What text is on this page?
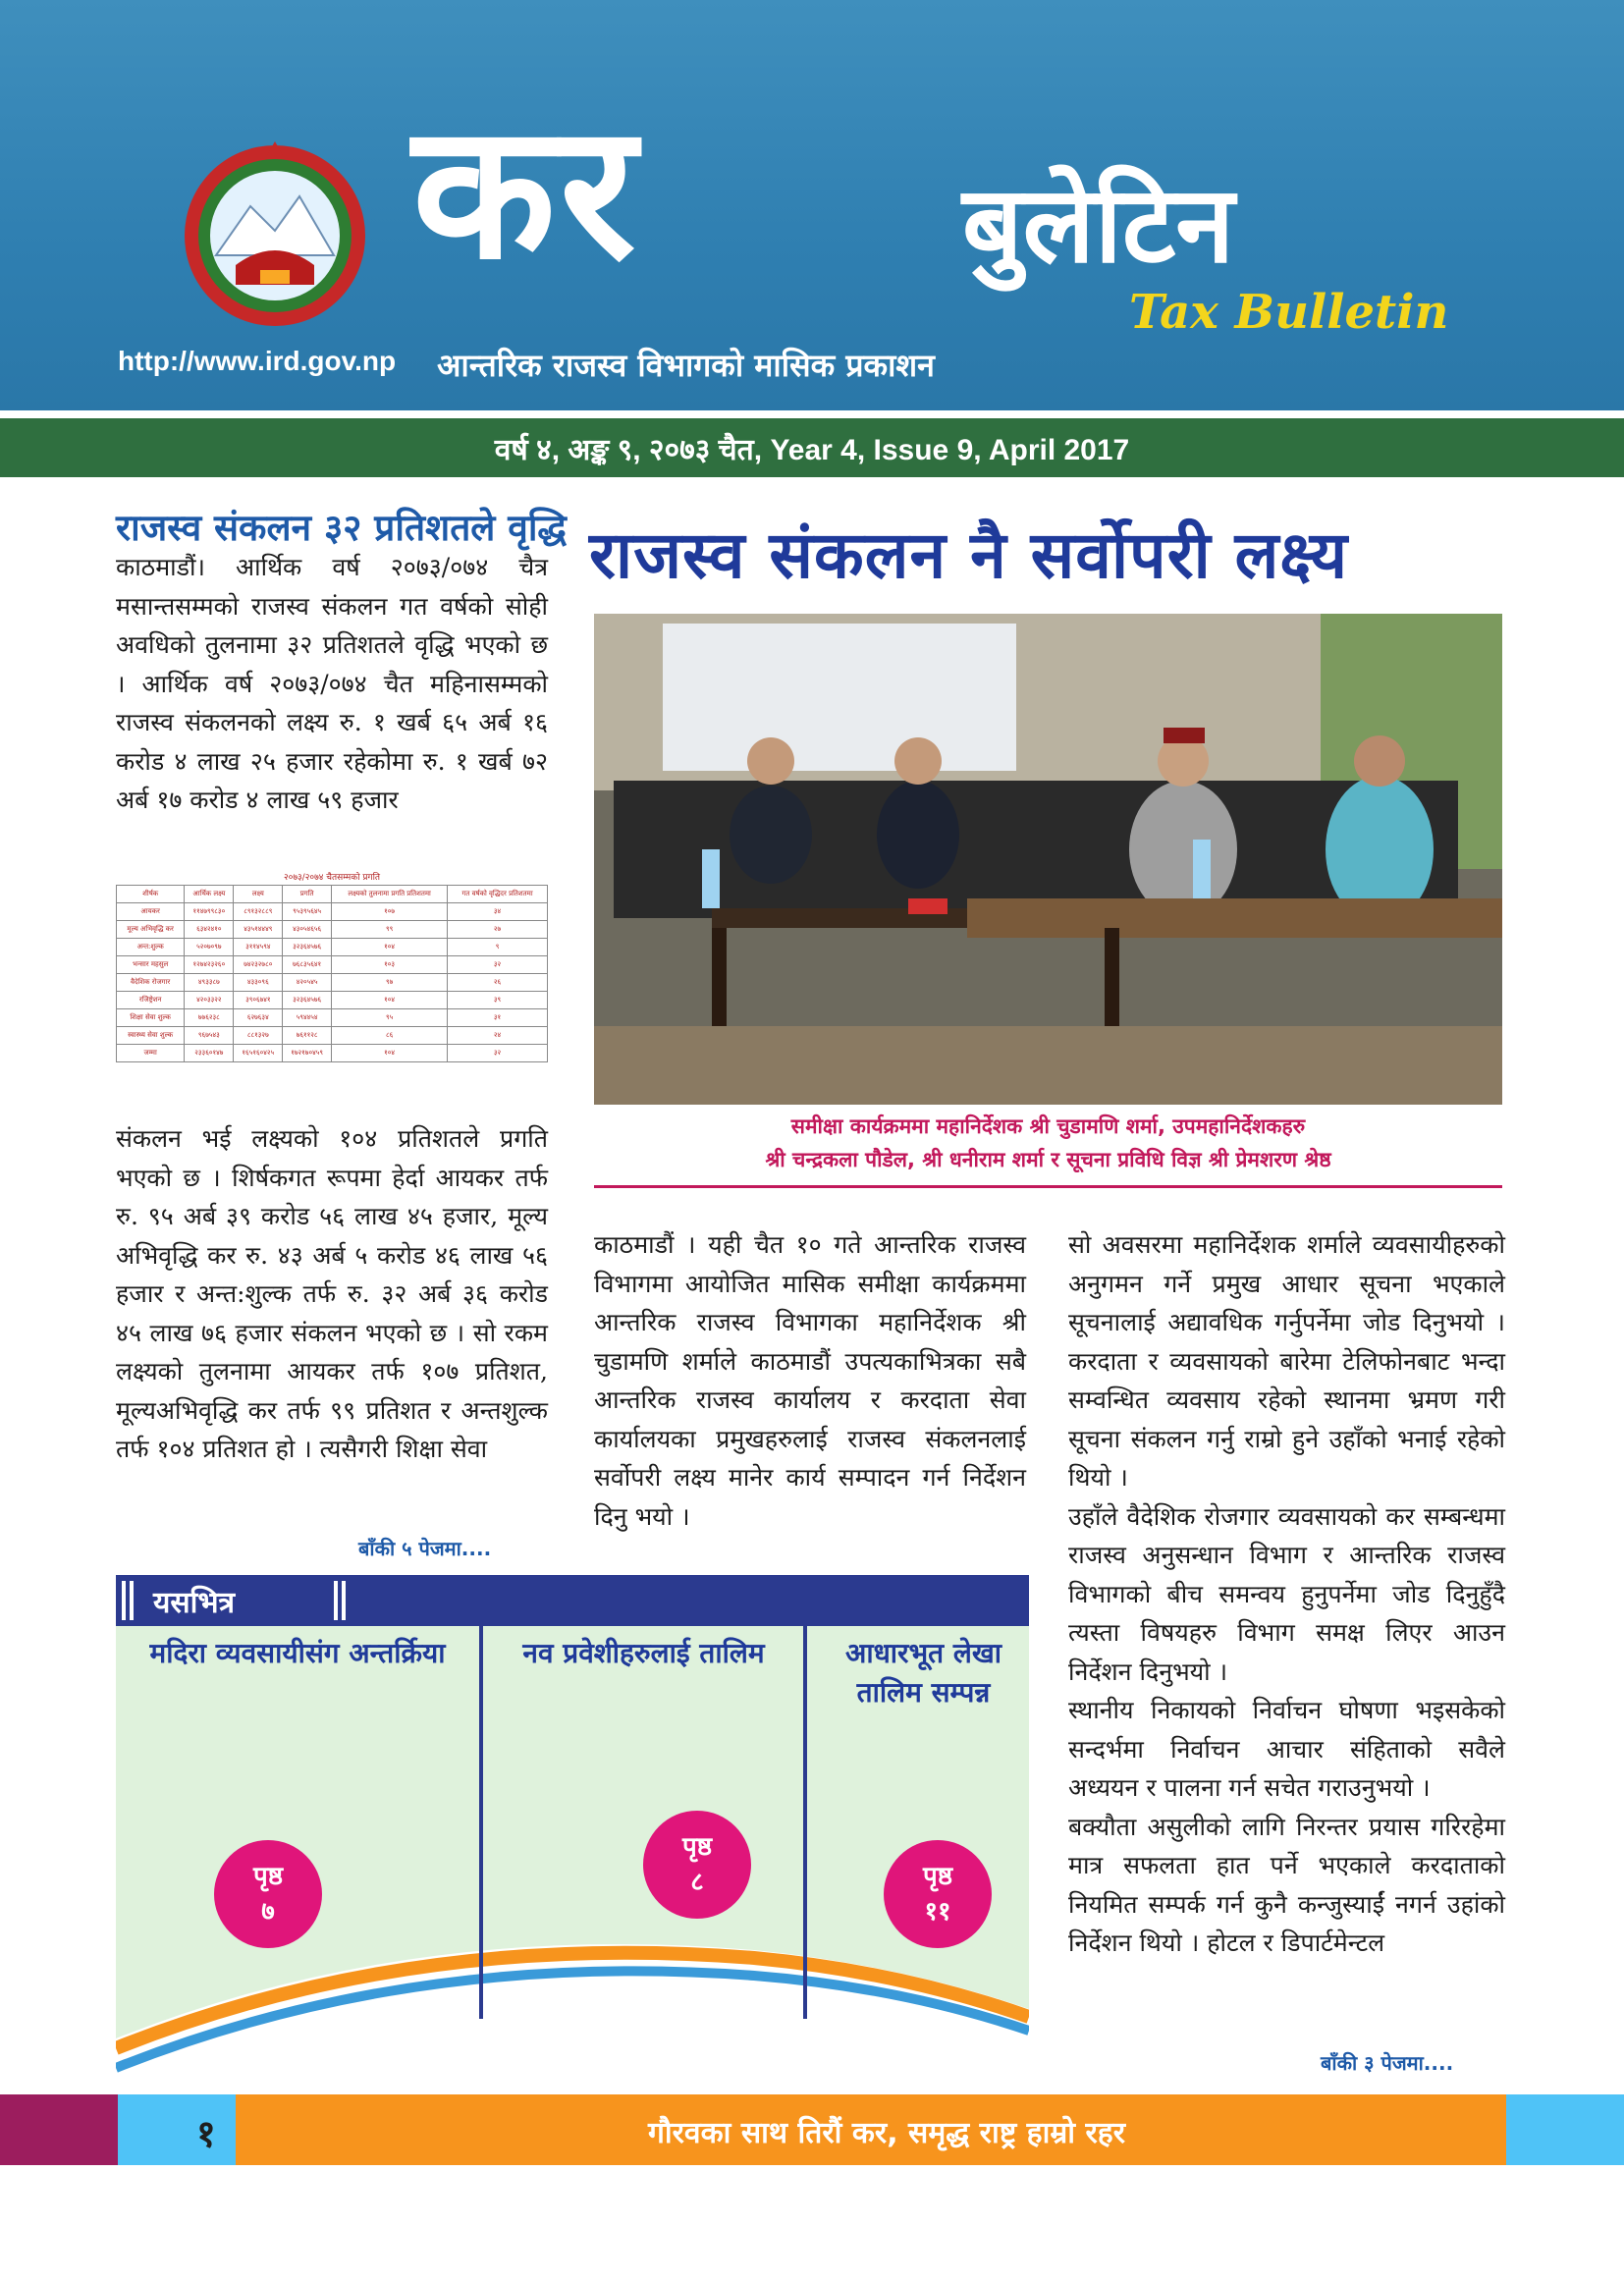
कर	बुलेटिन
Tax Bulletin
http://www.ird.gov.np आन्तरिक राजस्व विभागको मासिक प्रकाशन
वर्ष ४, अङ्क ९, २०७३ चैत, Year 4, Issue 9, April 2017
राजस्व संकलन ३२ प्रतिशतले वृद्धि
काठमाडौं। आर्थिक वर्ष २०७३/०७४ चैत्र मसान्तसम्मको राजस्व संकलन गत वर्षको सोही अवधिको तुलनामा ३२ प्रतिशतले वृद्धि भएको छ । आर्थिक वर्ष २०७३/०७४ चैत महिनासम्मको राजस्व संकलनको लक्ष्य रु. १ खर्ब ६५ अर्ब १६ करोड ४ लाख २५ हजार रहेकोमा रु. १ खर्ब ७२ अर्ब १७ करोड ४ लाख ५९ हजार
२०७३/२०७४ चैतसम्मको प्रगति
शीर्षक	आर्थिक लक्ष्य	लक्ष्य	प्रगति	लक्ष्यको तुलनामा प्रगति प्रतिशतमा	गत वर्षको वृद्धिदर प्रतिशतमा
आयकर	११४७९९८३०	८९१३२८८९	९५३९५६४५	१०७	३४
मूल्य अभिवृद्धि कर	६३४२४१०	४३५१४४४९	४३०५४६५६	९९	२७
अन्त:शुल्क	५२०७०९७	३११४५९४	३२३६४५७६	१०४	९
भन्सार महसुल	१२७४२३२६०	७४२३२७८०	७६८३५६४१	१०३	३२
वैदेशिक रोजगार	४९३३८७	४३३०९६	४२०५४५	९७	२६
रजिष्ट्रेशन	४२०३३२२	३९०६७४१	३२३६४५७६	१०४	३९
शिक्षा सेवा शुल्क	७७६२३८	६२७६३४	५९४४५४	९५	३१
स्वास्थ्य सेवा शुल्क	९६७५४३	८८१३२७	७६११२८	८६	२४
जम्मा	२३३६०१४७	१६५१६०४२५	१७२१७०४५९	१०४	३२
संकलन भई लक्ष्यको १०४ प्रतिशतले प्रगति भएको छ । शिर्षकगत रूपमा हेर्दा आयकर तर्फ रु. ९५ अर्ब ३९ करोड ५६ लाख ४५ हजार, मूल्य अभिवृद्धि कर रु. ४३ अर्ब ५ करोड ४६ लाख ५६ हजार र अन्त:शुल्क तर्फ रु. ३२ अर्ब ३६ करोड ४५ लाख ७६ हजार संकलन भएको छ । सो रकम लक्ष्यको तुलनामा आयकर तर्फ १०७ प्रतिशत, मूल्यअभिवृद्धि कर तर्फ ९९ प्रतिशत र अन्तशुल्क तर्फ १०४ प्रतिशत हो । त्यसैगरी शिक्षा सेवा
बाँकी ५ पेजमा....
राजस्व संकलन नै सर्वोपरी लक्ष्य
समीक्षा कार्यक्रममा महानिर्देशक श्री चुडामणि शर्मा, उपमहानिर्देशकहरु
श्री चन्द्रकला पौडेल, श्री धनीराम शर्मा र सूचना प्रविधि विज्ञ श्री प्रेमशरण श्रेष्ठ
काठमाडौं । यही चैत १० गते आन्तरिक राजस्व विभागमा आयोजित मासिक समीक्षा कार्यक्रममा आन्तरिक राजस्व विभागका महानिर्देशक श्री चुडामणि शर्माले काठमाडौं उपत्यकाभित्रका सबै आन्तरिक राजस्व कार्यालय र करदाता सेवा कार्यालयका प्रमुखहरुलाई राजस्व संकलनलाई सर्वोपरी लक्ष्य मानेर कार्य सम्पादन गर्न निर्देशन दिनु भयो ।
सो अवसरमा महानिर्देशक शर्माले व्यवसायीहरुको अनुगमन गर्ने प्रमुख आधार सूचना भएकाले सूचनालाई अद्यावधिक गर्नुपर्नेमा जोड दिनुभयो । करदाता र व्यवसायको बारेमा टेलिफोनबाट भन्दा सम्वन्धित व्यवसाय रहेको स्थानमा भ्रमण गरी सूचना संकलन गर्नु राम्रो हुने उहाँको भनाई रहेको थियो ।
उहाँले वैदेशिक रोजगार व्यवसायको कर सम्बन्धमा राजस्व अनुसन्धान विभाग र आन्तरिक राजस्व विभागको बीच समन्वय हुनुपर्नेमा जोड दिनुहुँदै त्यस्ता विषयहरु विभाग समक्ष लिएर आउन निर्देशन दिनुभयो ।
स्थानीय निकायको निर्वाचन घोषणा भइसकेको सन्दर्भमा निर्वाचन आचार संहिताको सवैले अध्ययन र पालना गर्न सचेत गराउनुभयो ।
बक्यौता असुलीको लागि निरन्तर प्रयास गरिरहेमा मात्र सफलता हात पर्ने भएकाले करदाताको नियमित सम्पर्क गर्न कुनै कन्जुस्याईं नगर्न उहांको निर्देशन थियो । होटल र डिपार्टमेन्टल
बाँकी ३ पेजमा....
यसभित्र
मदिरा व्यवसायीसंग अन्तर्क्रिया	नव प्रवेशीहरुलाई तालिम	आधारभूत लेखा तालिम सम्पन्न
पृष्ठ
७
पृष्ठ
८	पृष्ठ
११
१	गौरवका साथ तिरौं कर, समृद्ध राष्ट्र हाम्रो रहर
